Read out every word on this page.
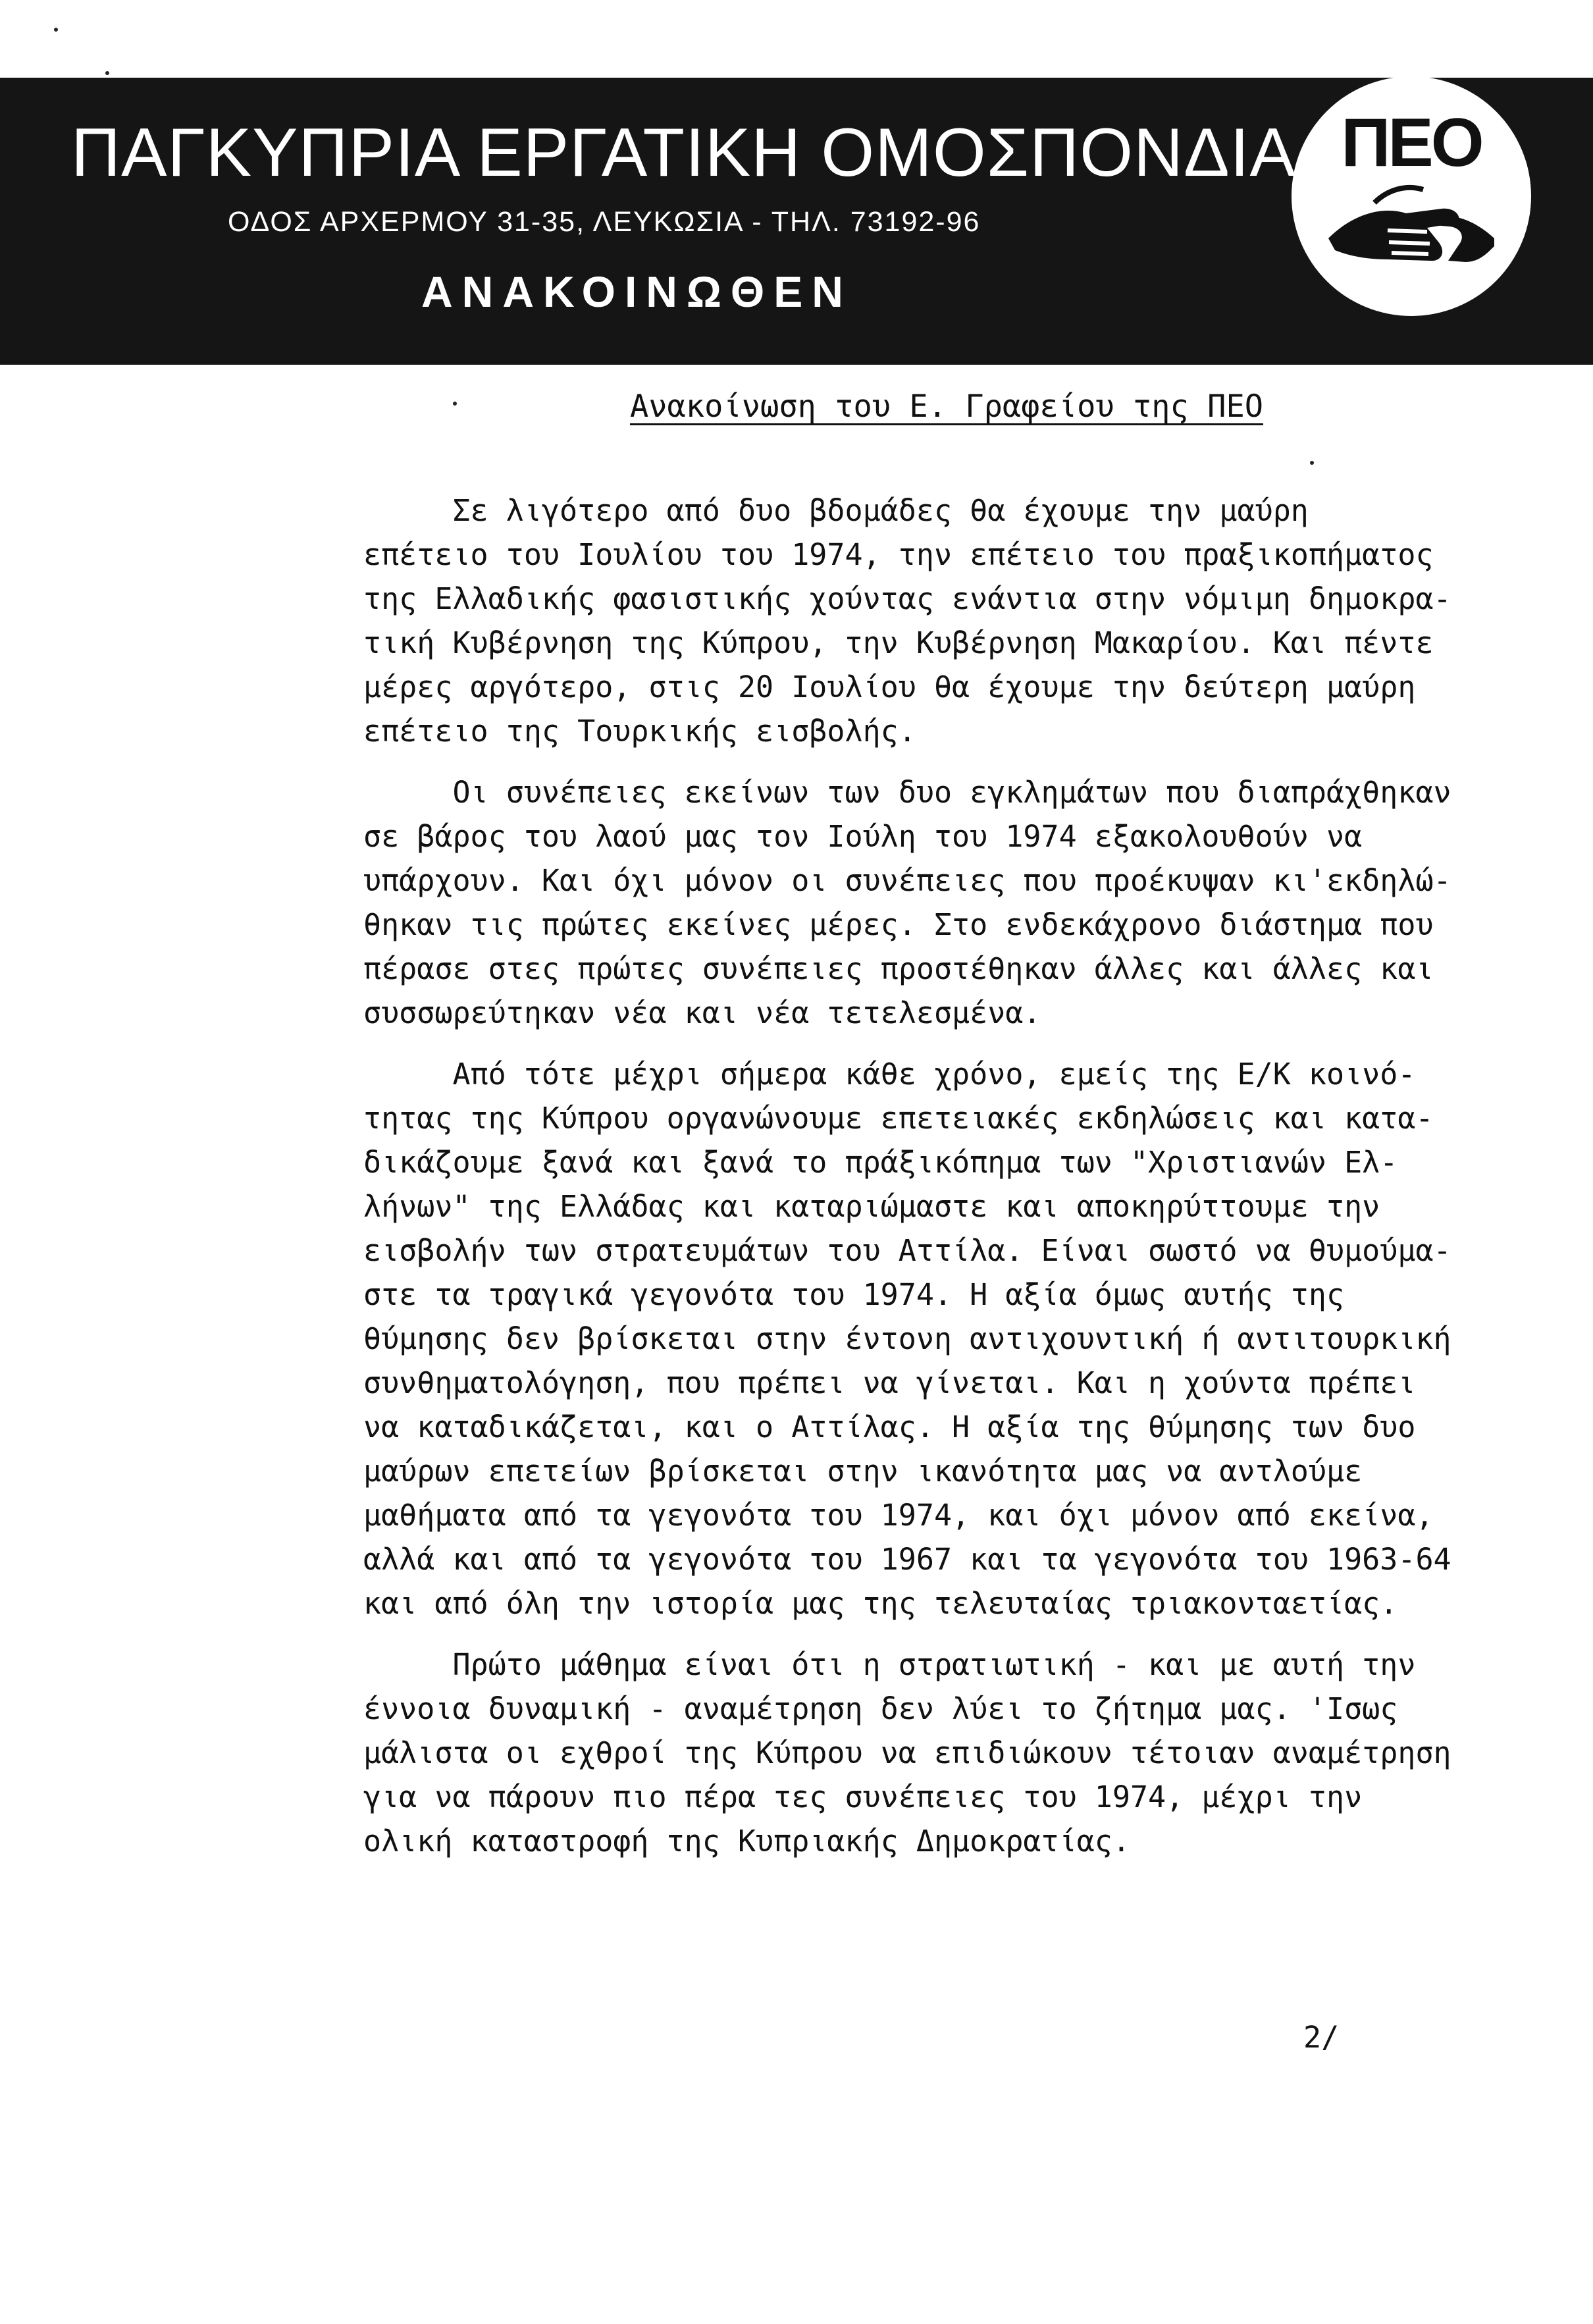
ΠΑΓΚΥΠΡΙΑ ΕΡΓΑΤΙΚΗ ΟΜΟΣΠΟΝΔΙΑ
ΟΔΟΣ ΑΡΧΕΡΜΟΥ 31-35, ΛΕΥΚΩΣΙΑ - ΤΗΛ. 73192-96
ΑΝΑΚΟΙΝΩΘΕΝ
ΠΕΟ
Ανακοίνωση του Ε. Γραφείου της ΠΕΟ
Σε λιγότερο από δυο βδομάδες θα έχουμε την μαύρη
επέτειο του Ιουλίου του 1974, την επέτειο του πραξικοπήματος
της Ελλαδικής φασιστικής χούντας ενάντια στην νόμιμη δημοκρα-
τική Κυβέρνηση της Κύπρου, την Κυβέρνηση Μακαρίου. Και πέντε
μέρες αργότερο, στις 20 Ιουλίου θα έχουμε την δεύτερη μαύρη
επέτειο της Τουρκικής εισβολής.
Οι συνέπειες εκείνων των δυο εγκλημάτων που διαπράχθηκαν
σε βάρος του λαού μας τον Ιούλη του 1974 εξακολουθούν να
υπάρχουν. Και όχι μόνον οι συνέπειες που προέκυψαν κι'εκδηλώ-
θηκαν τις πρώτες εκείνες μέρες. Στο ενδεκάχρονο διάστημα που
πέρασε στες πρώτες συνέπειες προστέθηκαν άλλες και άλλες και
συσσωρεύτηκαν νέα και νέα τετελεσμένα.
Από τότε μέχρι σήμερα κάθε χρόνο, εμείς της Ε/Κ κοινό-
τητας της Κύπρου οργανώνουμε επετειακές εκδηλώσεις και κατα-
δικάζουμε ξανά και ξανά το πράξικόπημα των "Χριστιανών Ελ-
λήνων" της Ελλάδας και καταριώμαστε και αποκηρύττουμε την
εισβολήν των στρατευμάτων του Αττίλα. Είναι σωστό να θυμούμα-
στε τα τραγικά γεγονότα του 1974. Η αξία όμως αυτής της
θύμησης δεν βρίσκεται στην έντονη αντιχουντική ή αντιτουρκική
συνθηματολόγηση, που πρέπει να γίνεται. Και η χούντα πρέπει
να καταδικάζεται, και ο Αττίλας. Η αξία της θύμησης των δυο
μαύρων επετείων βρίσκεται στην ικανότητα μας να αντλούμε
μαθήματα από τα γεγονότα του 1974, και όχι μόνον από εκείνα,
αλλά και από τα γεγονότα του 1967 και τα γεγονότα του 1963-64
και από όλη την ιστορία μας της τελευταίας τριακονταετίας.
Πρώτο μάθημα είναι ότι η στρατιωτική - και με αυτή την
έννοια δυναμική - αναμέτρηση δεν λύει το ζήτημα μας. 'Ισως
μάλιστα οι εχθροί της Κύπρου να επιδιώκουν τέτοιαν αναμέτρηση
για να πάρουν πιο πέρα τες συνέπειες του 1974, μέχρι την
ολική καταστροφή της Κυπριακής Δημοκρατίας.
2/
